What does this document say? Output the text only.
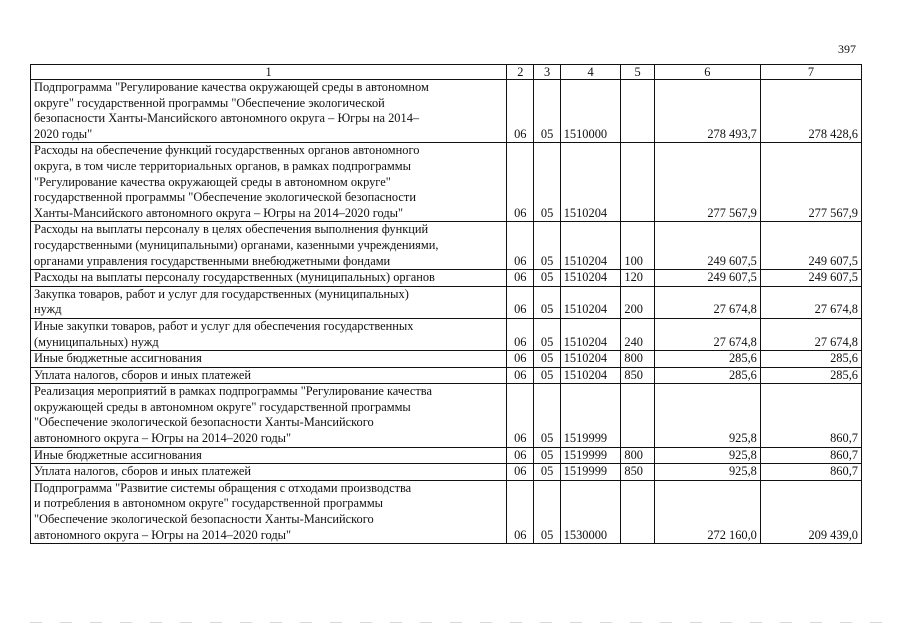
397
1	2	3	4	5	6	7
Подпрограмма "Регулирование качества окружающей среды в автономном
округе" государственной программы "Обеспечение экологической
безопасности Ханты-Мансийского автономного округа – Югры на 2014–
2020 годы"	06	05	1510000		278 493,7	278 428,6
Расходы на обеспечение функций государственных органов автономного
округа, в том числе территориальных органов, в рамках подпрограммы
"Регулирование качества окружающей среды в автономном округе"
государственной программы "Обеспечение экологической безопасности
Ханты-Мансийского автономного округа – Югры на 2014–2020 годы"	06	05	1510204		277 567,9	277 567,9
Расходы на выплаты персоналу в целях обеспечения выполнения функций
государственными (муниципальными) органами, казенными учреждениями,
органами управления государственными внебюджетными фондами	06	05	1510204	100	249 607,5	249 607,5
Расходы на выплаты персоналу государственных (муниципальных) органов	06	05	1510204	120	249 607,5	249 607,5
Закупка товаров, работ и услуг для государственных (муниципальных)
нужд	06	05	1510204	200	27 674,8	27 674,8
Иные закупки товаров, работ и услуг для обеспечения государственных
(муниципальных) нужд	06	05	1510204	240	27 674,8	27 674,8
Иные бюджетные ассигнования	06	05	1510204	800	285,6	285,6
Уплата налогов, сборов и иных платежей	06	05	1510204	850	285,6	285,6
Реализация мероприятий в рамках подпрограммы "Регулирование качества
окружающей среды в автономном округе" государственной программы
"Обеспечение экологической безопасности Ханты-Мансийского
автономного округа – Югры на 2014–2020 годы"	06	05	1519999		925,8	860,7
Иные бюджетные ассигнования	06	05	1519999	800	925,8	860,7
Уплата налогов, сборов и иных платежей	06	05	1519999	850	925,8	860,7
Подпрограмма "Развитие системы обращения с отходами производства
и потребления в автономном округе" государственной программы
"Обеспечение экологической безопасности Ханты-Мансийского
автономного округа – Югры на 2014–2020 годы"	06	05	1530000		272 160,0	209 439,0
